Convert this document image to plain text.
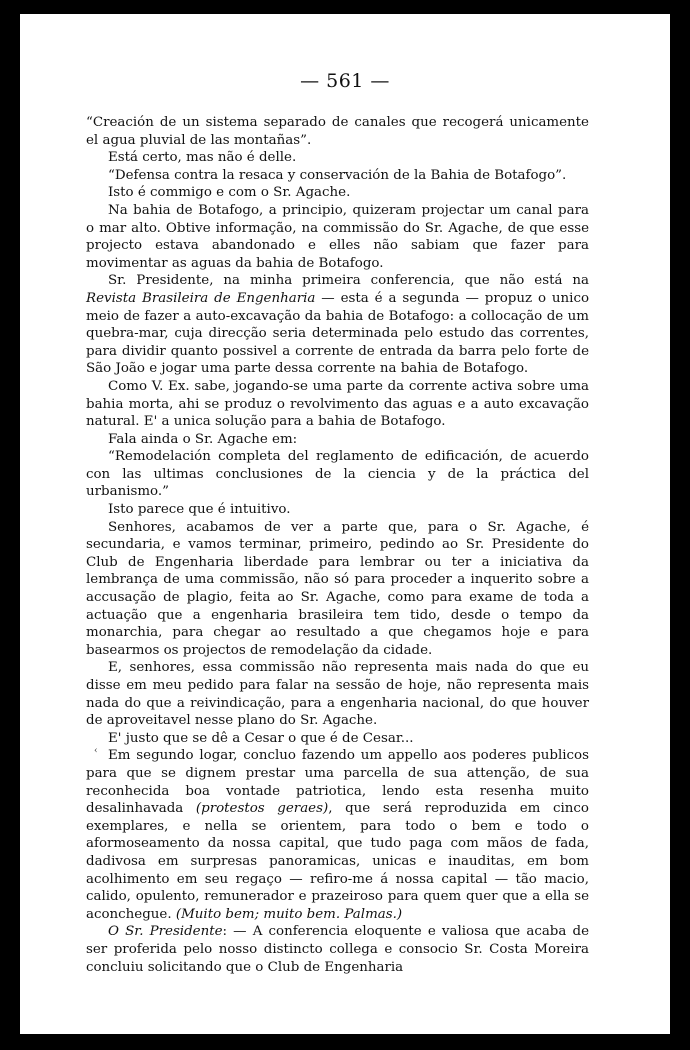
— 561 —

“Creación de un sistema separado de canales que recogerá unicamente el agua pluvial de las montañas”.

Está certo, mas não é delle.

“Defensa contra la resaca y conservación de la Bahia de Botafogo”.

Isto é commigo e com o Sr. Agache.

Na bahia de Botafogo, a principio, quizeram projectar um canal para o mar alto. Obtive informação, na commissão do Sr. Agache, de que esse projecto estava abandonado e elles não sabiam que fazer para movimentar as aguas da bahia de Botafogo.

Sr. Presidente, na minha primeira conferencia, que não está na Revista Brasileira de Engenharia — esta é a segunda — propuz o unico meio de fazer a auto-excavação da bahia de Botafogo: a collocação de um quebra-mar, cuja direcção seria determinada pelo estudo das correntes, para dividir quanto possivel a corrente de entrada da barra pelo forte de São João e jogar uma parte dessa corrente na bahia de Botafogo.

Como V. Ex. sabe, jogando-se uma parte da corrente activa sobre uma bahia morta, ahi se produz o revolvimento das aguas e a auto excavação natural. E' a unica solução para a bahia de Botafogo.

Fala ainda o Sr. Agache em:

“Remodelación completa del reglamento de edificación, de acuerdo con las ultimas conclusiones de la ciencia y de la práctica del urbanismo.”

Isto parece que é intuitivo.

Senhores, acabamos de ver a parte que, para o Sr. Agache, é secundaria, e vamos terminar, primeiro, pedindo ao Sr. Presidente do Club de Engenharia liberdade para lembrar ou ter a iniciativa da lembrança de uma commissão, não só para proceder a inquerito sobre a accusação de plagio, feita ao Sr. Agache, como para exame de toda a actuação que a engenharia brasileira tem tido, desde o tempo da monarchia, para chegar ao resultado a que chegamos hoje e para basearmos os projectos de remodelação da cidade.

E, senhores, essa commissão não representa mais nada do que eu disse em meu pedido para falar na sessão de hoje, não representa mais nada do que a reivindicação, para a engenharia nacional, do que houver de aproveitavel nesse plano do Sr. Agache.

E' justo que se dê a Cesar o que é de Cesar...

Em segundo logar, concluo fazendo um appello aos poderes publicos para que se dignem prestar uma parcella de sua attenção, de sua reconhecida boa vontade patriotica, lendo esta resenha muito desalinhavada (protestos geraes), que será reproduzida em cinco exemplares, e nella se orientem, para todo o bem e todo o aformoseamento da nossa capital, que tudo paga com mãos de fada, dadivosa em surpresas panoramicas, unicas e inauditas, em bom acolhimento em seu regaço — refiro-me á nossa capital — tão macio, calido, opulento, remunerador e prazeiroso para quem quer que a ella se aconchegue. (Muito bem; muito bem. Palmas.)

O Sr. Presidente: — A conferencia eloquente e valiosa que acaba de ser proferida pelo nosso distincto collega e consocio Sr. Costa Moreira concluiu solicitando que o Club de Engenharia

‹
